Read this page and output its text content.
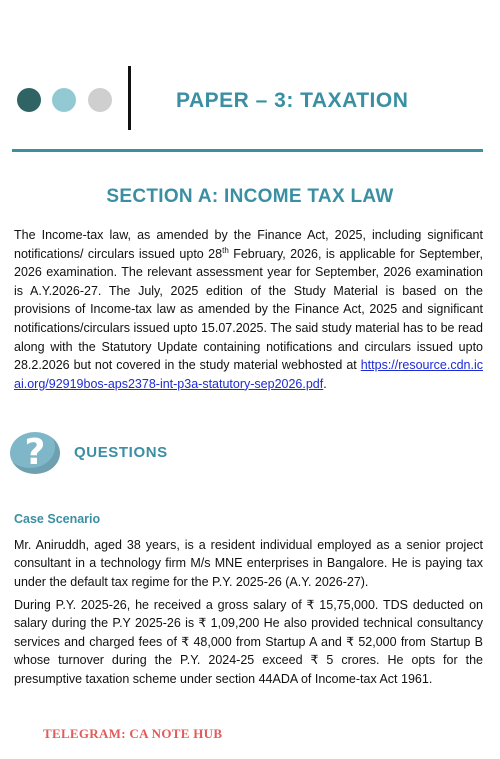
PAPER – 3: TAXATION
SECTION A: INCOME TAX LAW

The Income-tax law, as amended by the Finance Act, 2025, including significant notifications/ circulars issued upto 28th February, 2026, is applicable for September, 2026 examination. The relevant assessment year for September, 2026 examination is A.Y.2026-27. The July, 2025 edition of the Study Material is based on the provisions of Income-tax law as amended by the Finance Act, 2025 and significant notifications/circulars issued upto 15.07.2025. The said study material has to be read along with the Statutory Update containing notifications and circulars issued upto 28.2.2026 but not covered in the study material webhosted at https://resource.cdn.icai.org/92919bos-aps2378-int-p3a-statutory-sep2026.pdf.

?	QUESTIONS
Case Scenario

Mr. Aniruddh, aged 38 years, is a resident individual employed as a senior project consultant in a technology firm M/s MNE enterprises in Bangalore. He is paying tax under the default tax regime for the P.Y. 2025-26 (A.Y. 2026-27).

During P.Y. 2025-26, he received a gross salary of ₹ 15,75,000. TDS deducted on salary during the P.Y 2025-26 is ₹ 1,09,200 He also provided technical consultancy services and charged fees of ₹ 48,000 from Startup A and ₹ 52,000 from Startup B whose turnover during the P.Y. 2024-25 exceed ₹ 5 crores. He opts for the presumptive taxation scheme under section 44ADA of Income-tax Act 1961.

TELEGRAM: CA NOTE HUB
